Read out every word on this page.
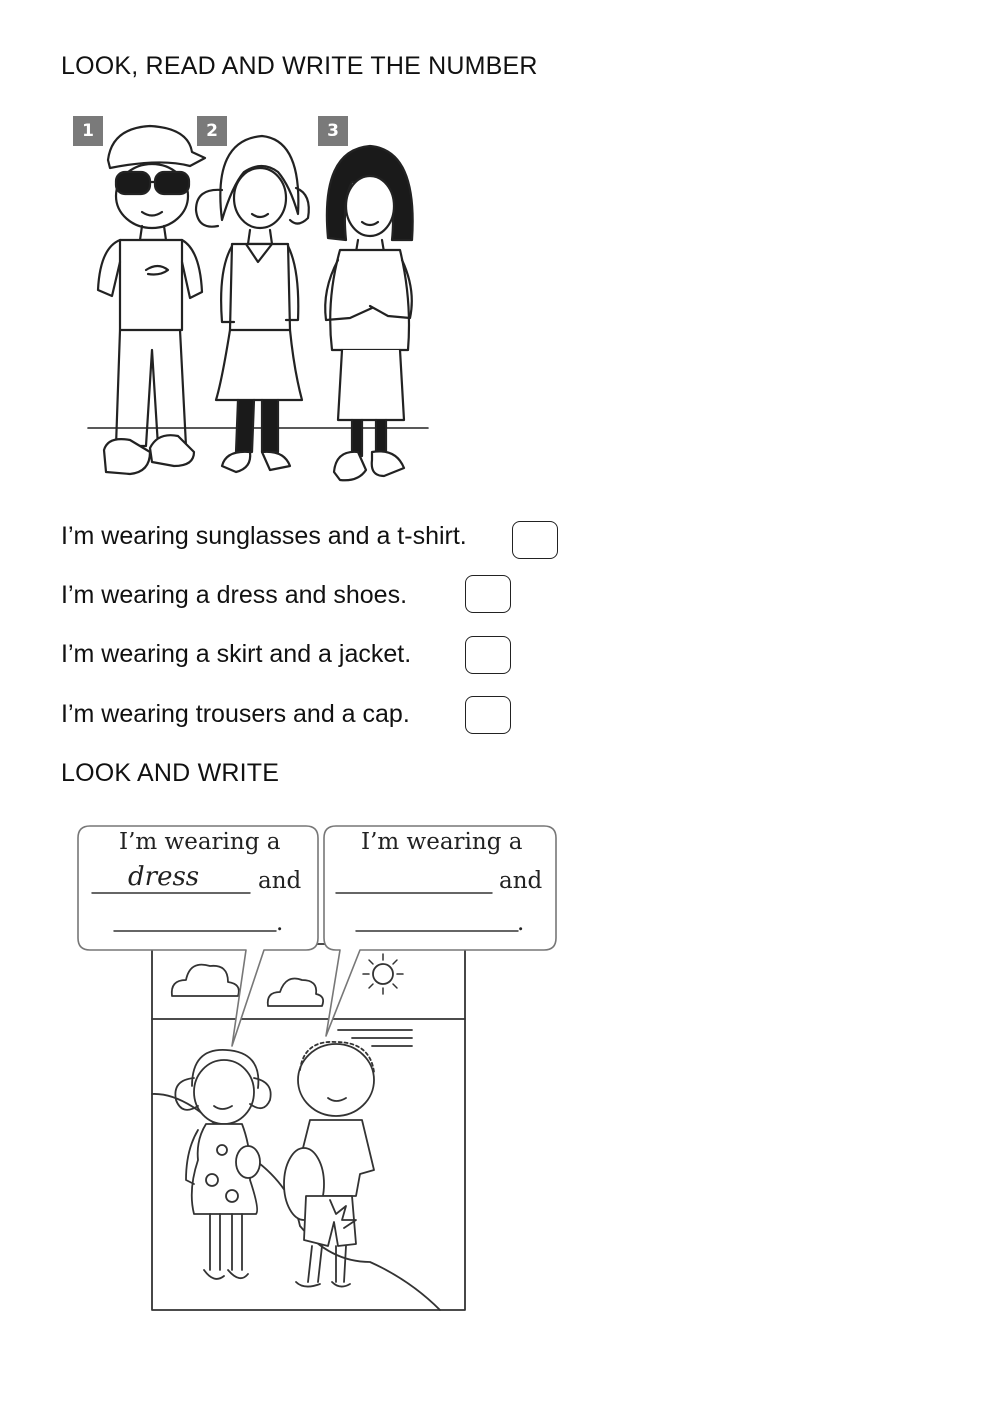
LOOK, READ AND WRITE THE NUMBER
1	2	3
I’m wearing sunglasses and a t-shirt.
I’m wearing a dress and shoes.
I’m wearing a skirt and a jacket.
I’m wearing trousers and a cap.
LOOK AND WRITE
I’m wearing a
dress	and
.
I’m wearing a
and
.
